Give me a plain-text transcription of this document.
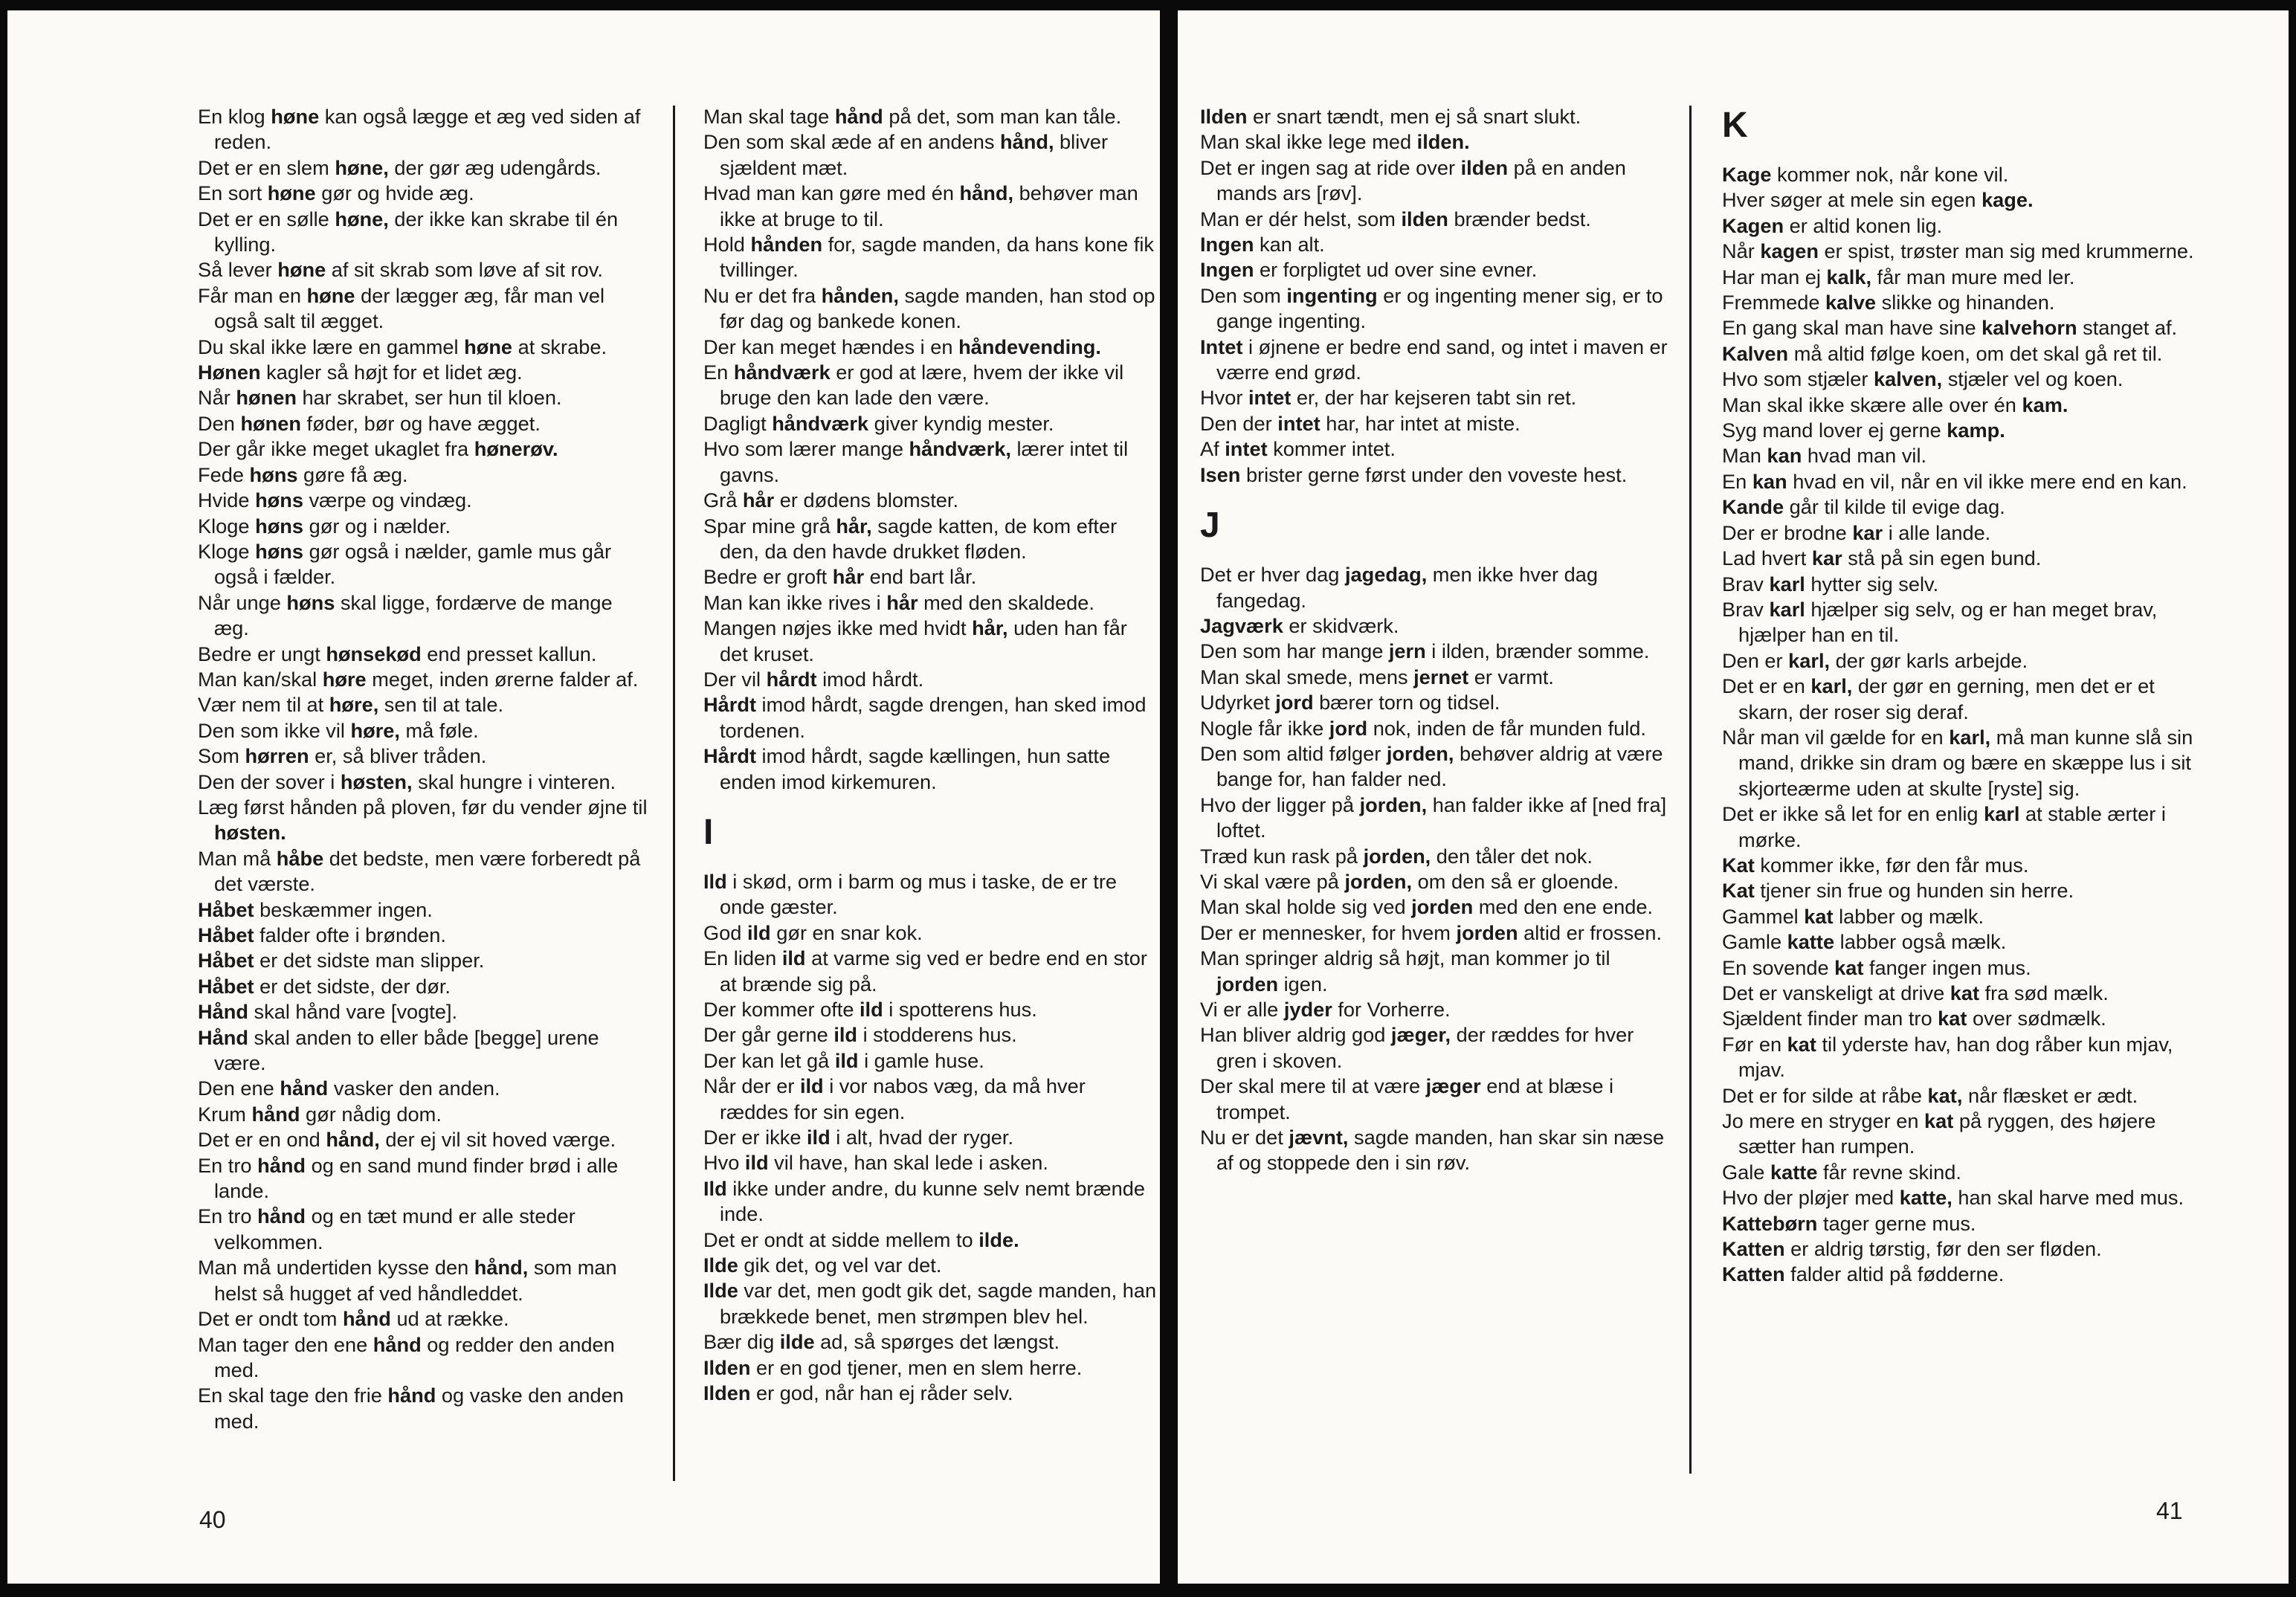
En klog høne kan også lægge et æg ved siden af reden.

Det er en slem høne, der gør æg udengårds.

En sort høne gør og hvide æg.

Det er en sølle høne, der ikke kan skrabe til én kylling.

Så lever høne af sit skrab som løve af sit rov.

Får man en høne der lægger æg, får man vel også salt til ægget.

Du skal ikke lære en gammel høne at skrabe.

Hønen kagler så højt for et lidet æg.

Når hønen har skrabet, ser hun til kloen.

Den hønen føder, bør og have ægget.

Der går ikke meget ukaglet fra hønerøv.

Fede høns gøre få æg.

Hvide høns værpe og vindæg.

Kloge høns gør og i nælder.

Kloge høns gør også i nælder, gamle mus går også i fælder.

Når unge høns skal ligge, fordærve de mange æg.

Bedre er ungt hønsekød end presset kallun.

Man kan/skal høre meget, inden ørerne falder af.

Vær nem til at høre, sen til at tale.

Den som ikke vil høre, må føle.

Som hørren er, så bliver tråden.

Den der sover i høsten, skal hungre i vinteren.

Læg først hånden på ploven, før du vender øjne til høsten.

Man må håbe det bedste, men være forberedt på det værste.

Håbet beskæmmer ingen.

Håbet falder ofte i brønden.

Håbet er det sidste man slipper.

Håbet er det sidste, der dør.

Hånd skal hånd vare [vogte].

Hånd skal anden to eller både [begge] urene være.

Den ene hånd vasker den anden.

Krum hånd gør nådig dom.

Det er en ond hånd, der ej vil sit hoved værge.

En tro hånd og en sand mund finder brød i alle lande.

En tro hånd og en tæt mund er alle steder velkommen.

Man må undertiden kysse den hånd, som man helst så hugget af ved håndleddet.

Det er ondt tom hånd ud at række.

Man tager den ene hånd og redder den anden med.

En skal tage den frie hånd og vaske den anden med.

Man skal tage hånd på det, som man kan tåle.

Den som skal æde af en andens hånd, bliver sjældent mæt.

Hvad man kan gøre med én hånd, behøver man ikke at bruge to til.

Hold hånden for, sagde manden, da hans kone fik tvillinger.

Nu er det fra hånden, sagde manden, han stod op før dag og bankede konen.

Der kan meget hændes i en håndevending.

En håndværk er god at lære, hvem der ikke vil bruge den kan lade den være.

Dagligt håndværk giver kyndig mester.

Hvo som lærer mange håndværk, lærer intet til gavns.

Grå hår er dødens blomster.

Spar mine grå hår, sagde katten, de kom efter den, da den havde drukket fløden.

Bedre er groft hår end bart lår.

Man kan ikke rives i hår med den skaldede.

Mangen nøjes ikke med hvidt hår, uden han får det kruset.

Der vil hårdt imod hårdt.

Hårdt imod hårdt, sagde drengen, han sked imod tordenen.

Hårdt imod hårdt, sagde kællingen, hun satte enden imod kirkemuren.

I

Ild i skød, orm i barm og mus i taske, de er tre onde gæster.

God ild gør en snar kok.

En liden ild at varme sig ved er bedre end en stor at brænde sig på.

Der kommer ofte ild i spotterens hus.

Der går gerne ild i stodderens hus.

Der kan let gå ild i gamle huse.

Når der er ild i vor nabos væg, da må hver ræddes for sin egen.

Der er ikke ild i alt, hvad der ryger.

Hvo ild vil have, han skal lede i asken.

Ild ikke under andre, du kunne selv nemt brænde inde.

Det er ondt at sidde mellem to ilde.

Ilde gik det, og vel var det.

Ilde var det, men godt gik det, sagde manden, han brækkede benet, men strømpen blev hel.

Bær dig ilde ad, så spørges det længst.

Ilden er en god tjener, men en slem herre.

Ilden er god, når han ej råder selv.

40

Ilden er snart tændt, men ej så snart slukt.

Man skal ikke lege med ilden.

Det er ingen sag at ride over ilden på en anden mands ars [røv].

Man er dér helst, som ilden brænder bedst.

Ingen kan alt.

Ingen er forpligtet ud over sine evner.

Den som ingenting er og ingenting mener sig, er to gange ingenting.

Intet i øjnene er bedre end sand, og intet i maven er værre end grød.

Hvor intet er, der har kejseren tabt sin ret.

Den der intet har, har intet at miste.

Af intet kommer intet.

Isen brister gerne først under den voveste hest.

J

Det er hver dag jagedag, men ikke hver dag fangedag.

Jagværk er skidværk.

Den som har mange jern i ilden, brænder somme.

Man skal smede, mens jernet er varmt.

Udyrket jord bærer torn og tidsel.

Nogle får ikke jord nok, inden de får munden fuld.

Den som altid følger jorden, behøver aldrig at være bange for, han falder ned.

Hvo der ligger på jorden, han falder ikke af [ned fra] loftet.

Træd kun rask på jorden, den tåler det nok.

Vi skal være på jorden, om den så er gloende.

Man skal holde sig ved jorden med den ene ende.

Der er mennesker, for hvem jorden altid er frossen.

Man springer aldrig så højt, man kommer jo til jorden igen.

Vi er alle jyder for Vorherre.

Han bliver aldrig god jæger, der ræddes for hver gren i skoven.

Der skal mere til at være jæger end at blæse i trompet.

Nu er det jævnt, sagde manden, han skar sin næse af og stoppede den i sin røv.

K

Kage kommer nok, når kone vil.

Hver søger at mele sin egen kage.

Kagen er altid konen lig.

Når kagen er spist, trøster man sig med krummerne.

Har man ej kalk, får man mure med ler.

Fremmede kalve slikke og hinanden.

En gang skal man have sine kalvehorn stanget af.

Kalven må altid følge koen, om det skal gå ret til.

Hvo som stjæler kalven, stjæler vel og koen.

Man skal ikke skære alle over én kam.

Syg mand lover ej gerne kamp.

Man kan hvad man vil.

En kan hvad en vil, når en vil ikke mere end en kan.

Kande går til kilde til evige dag.

Der er brodne kar i alle lande.

Lad hvert kar stå på sin egen bund.

Brav karl hytter sig selv.

Brav karl hjælper sig selv, og er han meget brav, hjælper han en til.

Den er karl, der gør karls arbejde.

Det er en karl, der gør en gerning, men det er et skarn, der roser sig deraf.

Når man vil gælde for en karl, må man kunne slå sin mand, drikke sin dram og bære en skæppe lus i sit skjorteærme uden at skulte [ryste] sig.

Det er ikke så let for en enlig karl at stable ærter i mørke.

Kat kommer ikke, før den får mus.

Kat tjener sin frue og hunden sin herre.

Gammel kat labber og mælk.

Gamle katte labber også mælk.

En sovende kat fanger ingen mus.

Det er vanskeligt at drive kat fra sød mælk.

Sjældent finder man tro kat over sødmælk.

Før en kat til yderste hav, han dog råber kun mjav, mjav.

Det er for silde at råbe kat, når flæsket er ædt.

Jo mere en stryger en kat på ryggen, des højere sætter han rumpen.

Gale katte får revne skind.

Hvo der pløjer med katte, han skal harve med mus.

Kattebørn tager gerne mus.

Katten er aldrig tørstig, før den ser fløden.

Katten falder altid på fødderne.

41
